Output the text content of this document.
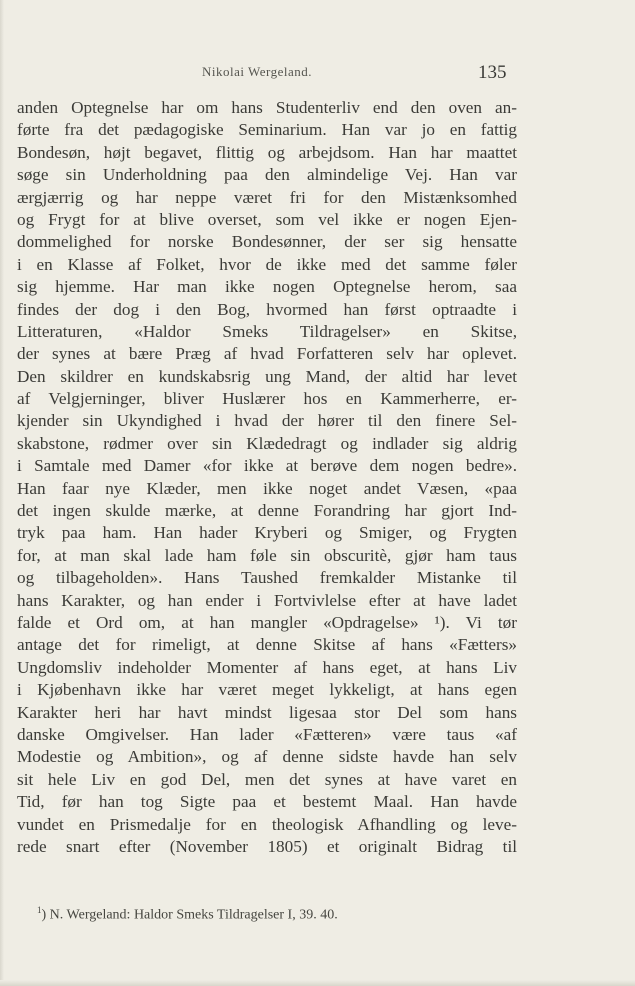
Nikolai Wergeland.	135
anden Optegnelse har om hans Studenterliv end den oven an-
førte fra det pædagogiske Seminarium. Han var jo en fattig
Bondesøn, højt begavet, flittig og arbejdsom. Han har maattet
søge sin Underholdning paa den almindelige Vej. Han var
ærgjærrig og har neppe været fri for den Mistænksomhed
og Frygt for at blive overset, som vel ikke er nogen Ejen-
dommelighed for norske Bondesønner, der ser sig hensatte
i en Klasse af Folket, hvor de ikke med det samme føler
sig hjemme. Har man ikke nogen Optegnelse herom, saa
findes der dog i den Bog, hvormed han først optraadte i
Litteraturen, «Haldor Smeks Tildragelser» en Skitse,
der synes at bære Præg af hvad Forfatteren selv har oplevet.
Den skildrer en kundskabsrig ung Mand, der altid har levet
af Velgjerninger, bliver Huslærer hos en Kammerherre, er-
kjender sin Ukyndighed i hvad der hører til den finere Sel-
skabstone, rødmer over sin Klædedragt og indlader sig aldrig
i Samtale med Damer «for ikke at berøve dem nogen bedre».
Han faar nye Klæder, men ikke noget andet Væsen, «paa
det ingen skulde mærke, at denne Forandring har gjort Ind-
tryk paa ham. Han hader Kryberi og Smiger, og Frygten
for, at man skal lade ham føle sin obscuritè, gjør ham taus
og tilbageholden». Hans Taushed fremkalder Mistanke til
hans Karakter, og han ender i Fortvivlelse efter at have ladet
falde et Ord om, at han mangler «Opdragelse» ¹). Vi tør
antage det for rimeligt, at denne Skitse af hans «Fætters»
Ungdomsliv indeholder Momenter af hans eget, at hans Liv
i Kjøbenhavn ikke har været meget lykkeligt, at hans egen
Karakter heri har havt mindst ligesaa stor Del som hans
danske Omgivelser. Han lader «Fætteren» være taus «af
Modestie og Ambition», og af denne sidste havde han selv
sit hele Liv en god Del, men det synes at have varet en
Tid, før han tog Sigte paa et bestemt Maal. Han havde
vundet en Prismedalje for en theologisk Afhandling og leve-
rede snart efter (November 1805) et originalt Bidrag til
$^1$) N. Wergeland: Haldor Smeks Tildragelser I, 39. 40.
